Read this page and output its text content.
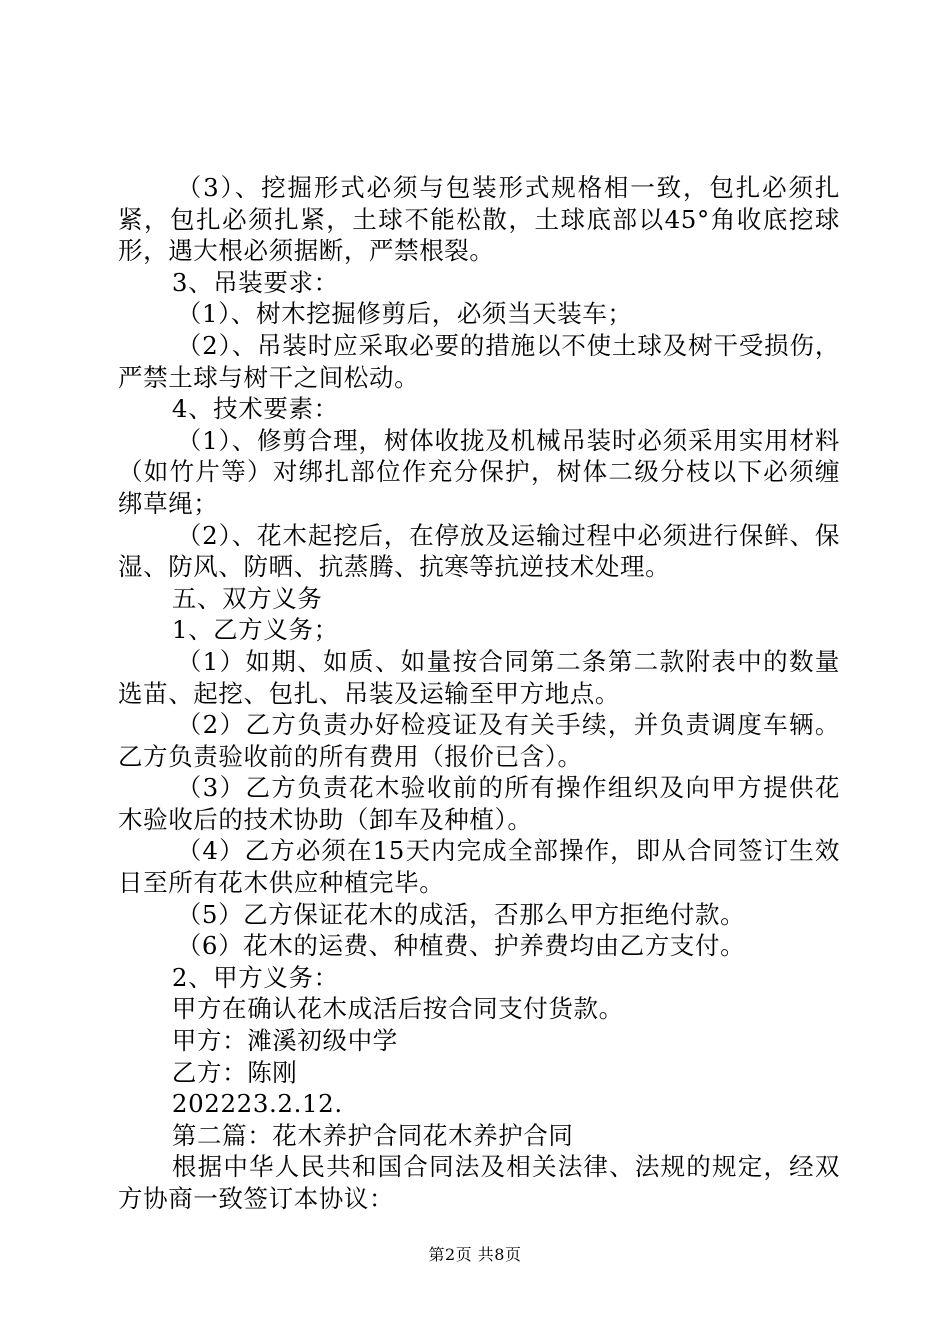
（3）、挖掘形式必须与包装形式规格相一致，包扎必须扎紧，包扎必须扎紧，土球不能松散，土球底部以45°角收底挖球形，遇大根必须据断，严禁根裂。

3、吊装要求：

（1）、树木挖掘修剪后，必须当天装车；

（2）、吊装时应采取必要的措施以不使土球及树干受损伤，严禁土球与树干之间松动。

4、技术要素：

（1）、修剪合理，树体收拢及机械吊装时必须采用实用材料（如竹片等）对绑扎部位作充分保护，树体二级分枝以下必须缠绑草绳；

（2）、花木起挖后，在停放及运输过程中必须进行保鲜、保湿、防风、防晒、抗蒸腾、抗寒等抗逆技术处理。

五、双方义务

1、乙方义务；

（1）如期、如质、如量按合同第二条第二款附表中的数量选苗、起挖、包扎、吊装及运输至甲方地点。

（2）乙方负责办好检疫证及有关手续，并负责调度车辆。乙方负责验收前的所有费用（报价已含）。

（3）乙方负责花木验收前的所有操作组织及向甲方提供花木验收后的技术协助（卸车及种植）。

（4）乙方必须在15天内完成全部操作，即从合同签订生效日至所有花木供应种植完毕。

（5）乙方保证花木的成活，否那么甲方拒绝付款。

（6）花木的运费、种植费、护养费均由乙方支付。

2、甲方义务：

甲方在确认花木成活后按合同支付货款。

甲方：滩溪初级中学

乙方：陈刚

202223.2.12.

第二篇：花木养护合同花木养护合同

根据中华人民共和国合同法及相关法律、法规的规定，经双方协商一致签订本协议：

第2页 共8页
